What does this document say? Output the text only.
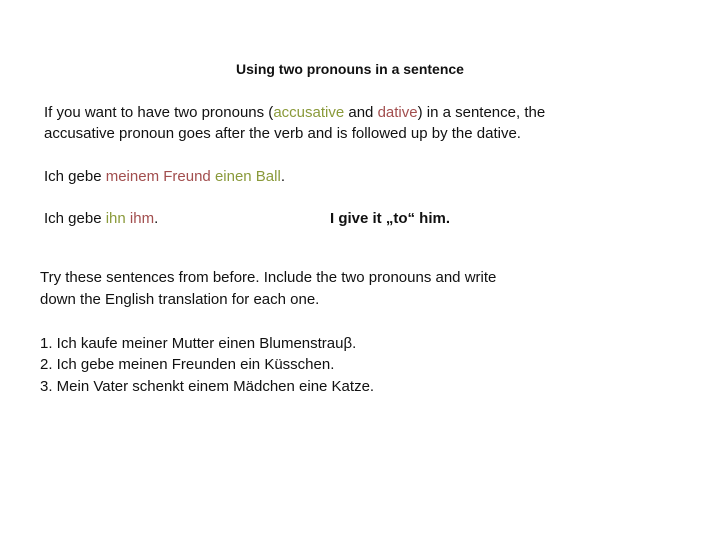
Using two pronouns in a sentence
If you want to have two pronouns (accusative and dative) in a sentence, the
accusative pronoun goes after the verb and is followed up by the dative.
Ich gebe meinem Freund einen Ball.
Ich gebe ihn ihm.	I give it „to“ him.
Try these sentences from before. Include the two pronouns and write
down the English translation for each one.
1. Ich kaufe meiner Mutter einen Blumenstrauβ.
2. Ich gebe meinen Freunden ein Küsschen.
3. Mein Vater schenkt einem Mädchen eine Katze.
